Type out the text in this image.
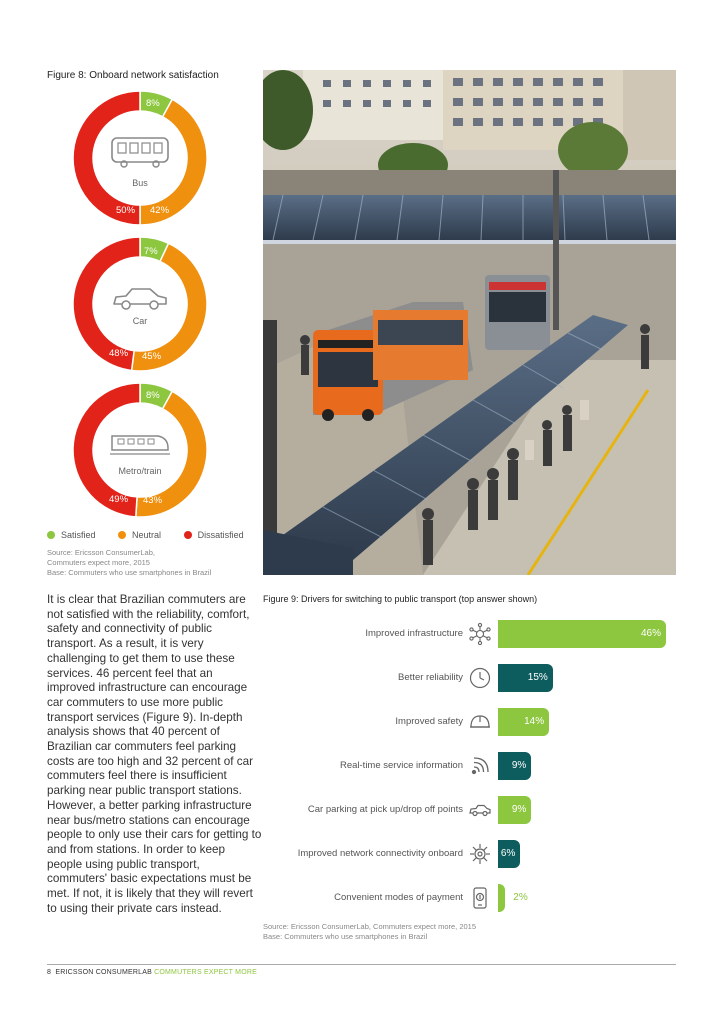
Figure 8: Onboard network satisfaction
Bus
8%
42%
50%
Car
7%
45%
48%
Metro/train
8%
43%
49%
Satisfied	Neutral	Dissatisfied
Source: Ericsson ConsumerLab,
Commuters expect more, 2015
Base: Commuters who use smartphones in Brazil
It is clear that Brazilian commuters are not satisfied with the reliability, comfort, safety and connectivity of public transport. As a result, it is very challenging to get them to use these services. 46 percent feel that an improved infrastructure can encourage car commuters to use more public transport services (Figure 9). In-depth analysis shows that 40 percent of Brazilian car commuters feel parking costs are too high and 32 percent of car commuters feel there is insufficient parking near public transport stations. However, a better parking infrastructure near bus/metro stations can encourage people to only use their cars for getting to and from stations. In order to keep people using public transport, commuters' basic expectations must be met. If not, it is likely that they will revert to using their private cars instead.
Figure 9: Drivers for switching to public transport (top answer shown)
Improved infrastructure	46%
Better reliability	15%
Improved safety	14%
Real-time service information	9%
Car parking at pick up/drop off points	9%
Improved network connectivity onboard	6%
Convenient modes of payment	2%
Source: Ericsson ConsumerLab, Commuters expect more, 2015
Base: Commuters who use smartphones in Brazil
8 ERICSSON CONSUMERLAB COMMUTERS EXPECT MORE
